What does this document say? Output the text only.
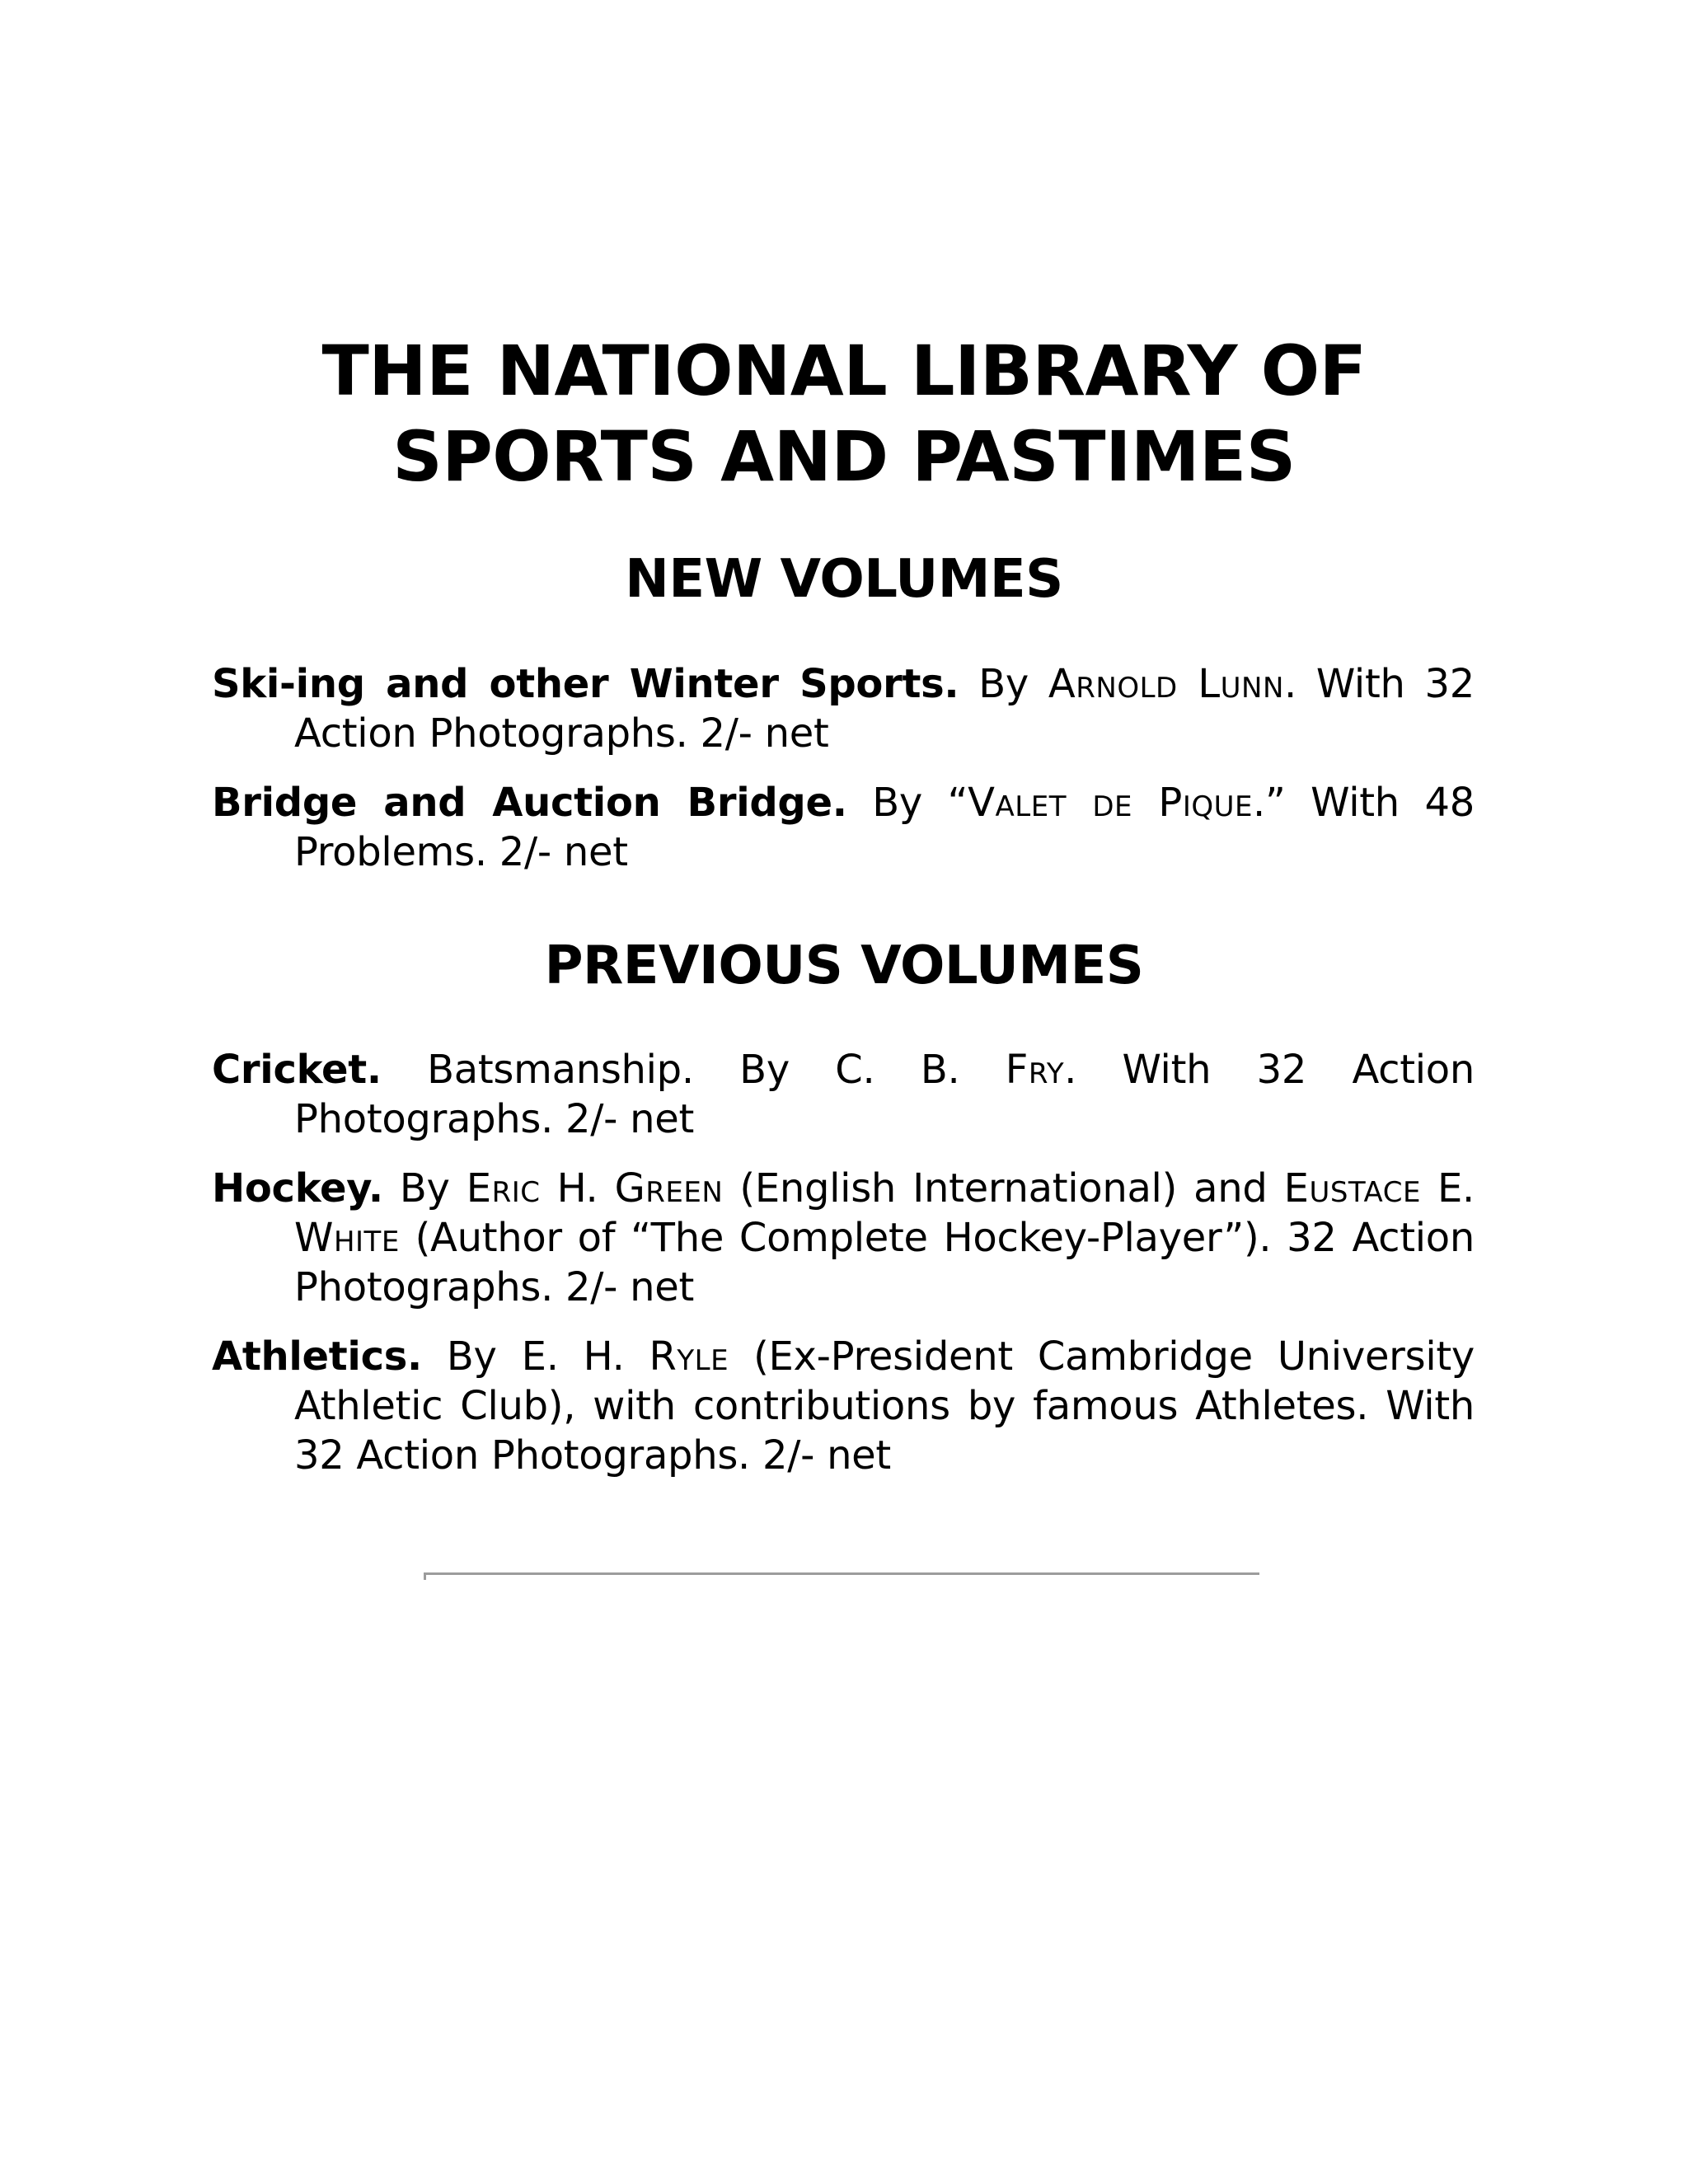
THE NATIONAL LIBRARY OF
SPORTS AND PASTIMES
NEW VOLUMES
Ski-ing and other Winter Sports. By Arnold Lunn. With 32 Action Photographs. 2/- net
Bridge and Auction Bridge. By “Valet de Pique.” With 48 Problems. 2/- net
PREVIOUS VOLUMES
Cricket. Batsmanship. By C. B. Fry. With 32 Action Photographs. 2/- net
Hockey. By Eric H. Green (English International) and Eustace E. White (Author of “The Complete Hockey-Player”). 32 Action Photographs. 2/- net
Athletics. By E. H. Ryle (Ex-President Cambridge University Athletic Club), with contributions by famous Athletes. With 32 Action Photographs. 2/- net
